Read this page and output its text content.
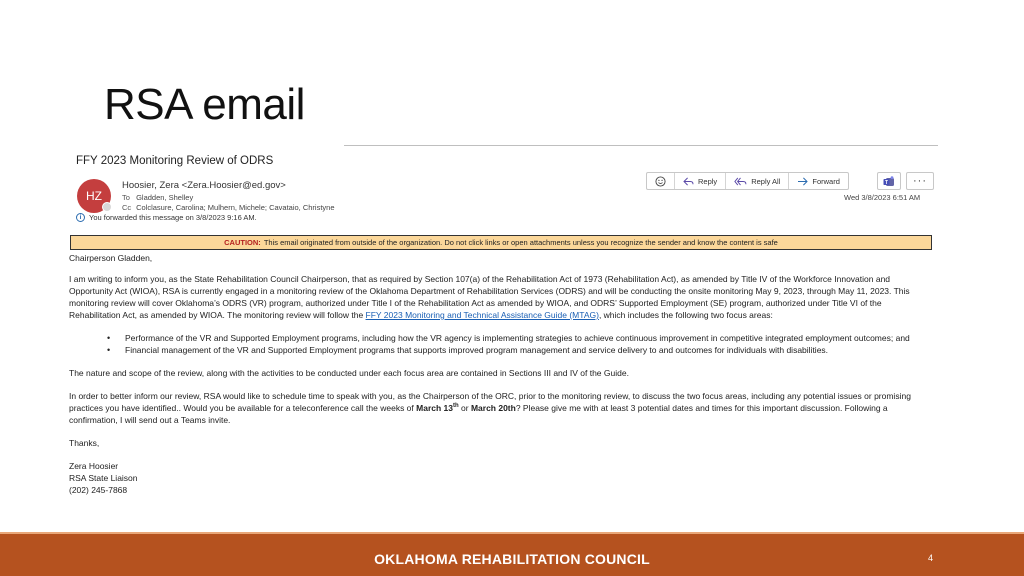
RSA email
FFY 2023 Monitoring Review of ODRS
HZ
Hoosier, Zera <Zera.Hoosier@ed.gov>
To Gladden, Shelley
Cc Colclasure, Carolina; Mulhern, Michele; Cavataio, Christyne
i	You forwarded this message on 3/8/2023 9:16 AM.
Reply	Reply All	Forward	T ···
Wed 3/8/2023 6:51 AM
CAUTION: This email originated from outside of the organization. Do not click links or open attachments unless you recognize the sender and know the content is safe

Chairperson Gladden,

I am writing to inform you, as the State Rehabilitation Council Chairperson, that as required by Section 107(a) of the Rehabilitation Act of 1973 (Rehabilitation Act), as amended by Title IV of the Workforce Innovation and Opportunity Act (WIOA), RSA is currently engaged in a monitoring review of the Oklahoma Department of Rehabilitation Services (ODRS) and will be conducting the onsite monitoring May 9, 2023, through May 11, 2023. This monitoring review will cover Oklahoma’s ODRS (VR) program, authorized under Title I of the Rehabilitation Act as amended by WIOA, and ODRS’ Supported Employment (SE) program, authorized under Title VI of the Rehabilitation Act, as amended by WIOA. The monitoring review will follow the FFY 2023 Monitoring and Technical Assistance Guide (MTAG), which includes the following two focus areas:

• Performance of the VR and Supported Employment programs, including how the VR agency is implementing strategies to achieve continuous improvement in competitive integrated employment outcomes; and
• Financial management of the VR and Supported Employment programs that supports improved program management and service delivery to and outcomes for individuals with disabilities.

The nature and scope of the review, along with the activities to be conducted under each focus area are contained in Sections III and IV of the Guide.

In order to better inform our review, RSA would like to schedule time to speak with you, as the Chairperson of the ORC, prior to the monitoring review, to discuss the two focus areas, including any potential issues or promising practices you have identified.. Would you be available for a teleconference call the weeks of March 13th or March 20th? Please give me with at least 3 potential dates and times for this important discussion. Following a confirmation, I will send out a Teams invite.

Thanks,

Zera Hoosier

RSA State Liaison

(202) 245-7868

OKLAHOMA REHABILITATION COUNCIL	4
